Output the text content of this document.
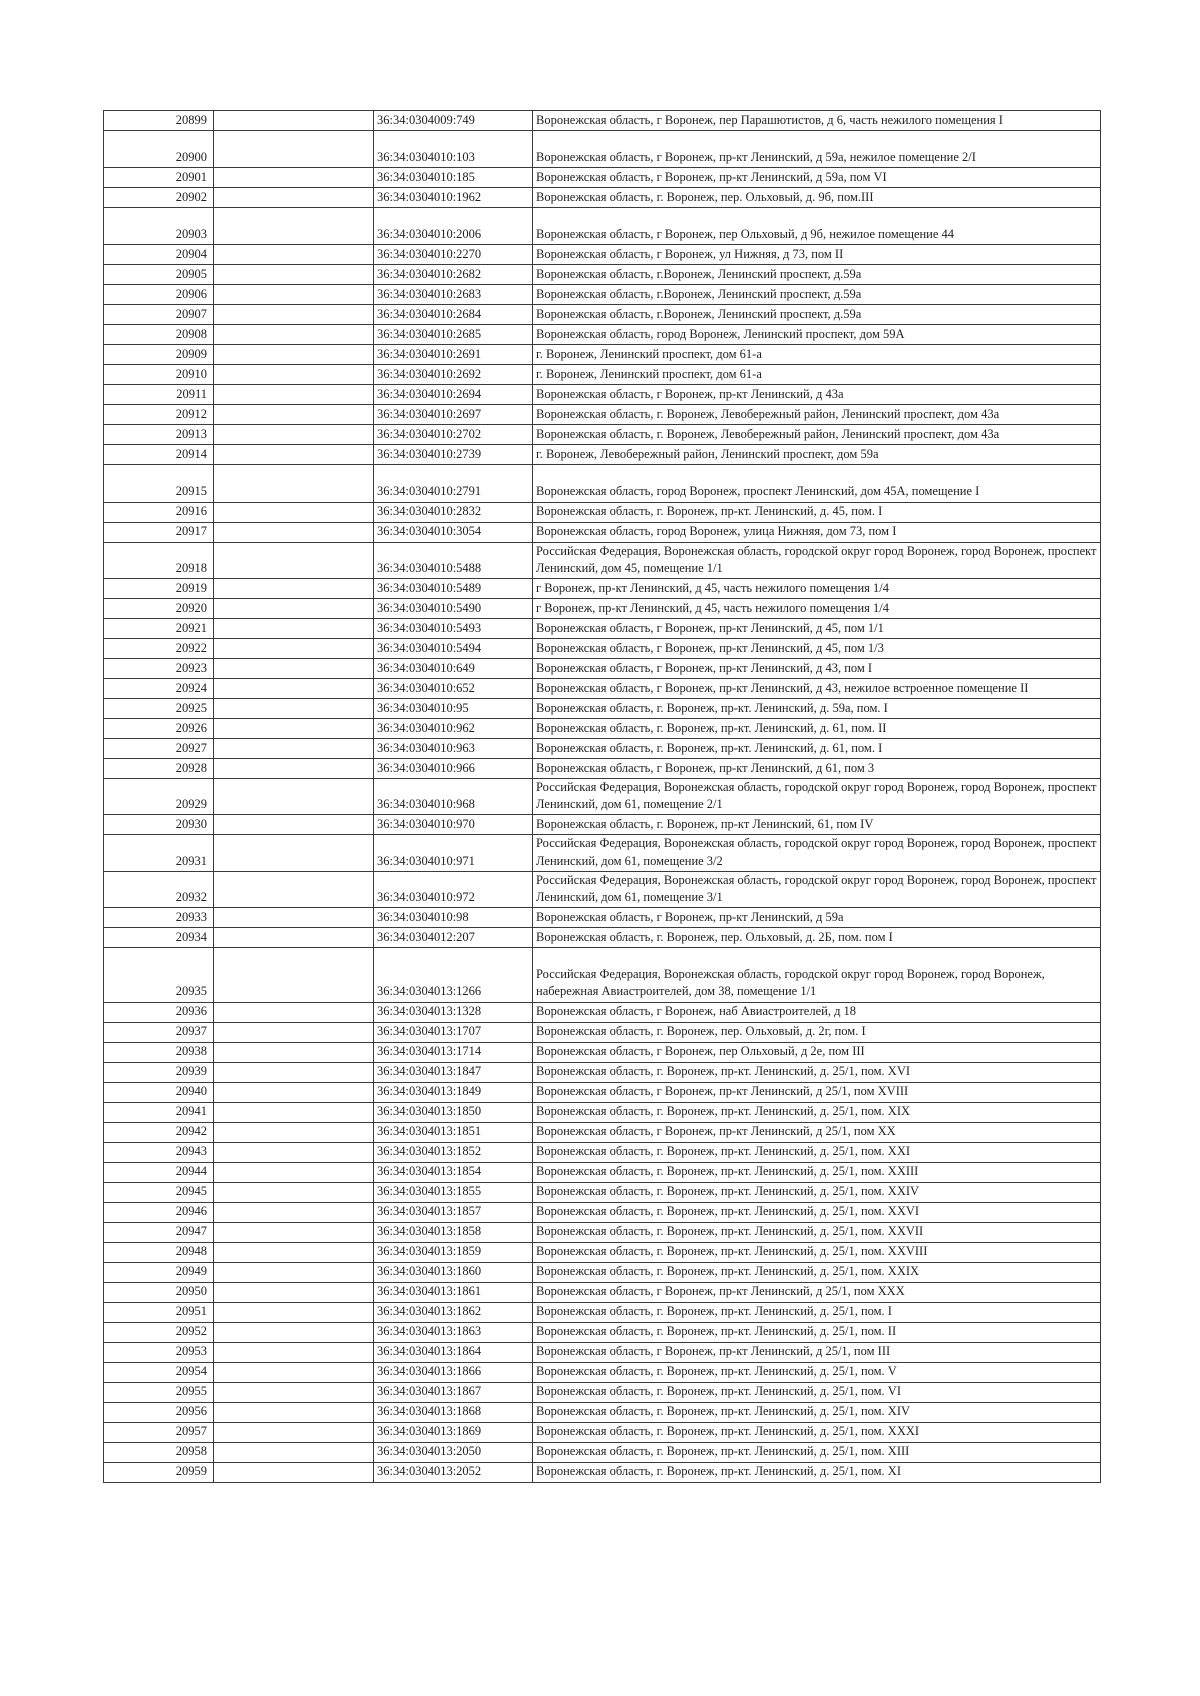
20899		36:34:0304009:749	Воронежская область, г Воронеж, пер Парашютистов, д 6, часть нежилого помещения I
20900		36:34:0304010:103	Воронежская область, г Воронеж, пр-кт Ленинский, д 59а, нежилое помещение 2/I
20901		36:34:0304010:185	Воронежская область, г Воронеж, пр-кт Ленинский, д 59а, пом VI
20902		36:34:0304010:1962	Воронежская область, г. Воронеж, пер. Ольховый, д. 9б, пом.III
20903		36:34:0304010:2006	Воронежская область, г Воронеж, пер Ольховый, д 9б, нежилое помещение 44
20904		36:34:0304010:2270	Воронежская область, г Воронеж, ул Нижняя, д 73, пом II
20905		36:34:0304010:2682	Воронежская область, г.Воронеж, Ленинский проспект, д.59а
20906		36:34:0304010:2683	Воронежская область, г.Воронеж, Ленинский проспект, д.59а
20907		36:34:0304010:2684	Воронежская область, г.Воронеж, Ленинский проспект, д.59а
20908		36:34:0304010:2685	Воронежская область, город Воронеж, Ленинский проспект, дом 59А
20909		36:34:0304010:2691	г. Воронеж, Ленинский проспект, дом 61-а
20910		36:34:0304010:2692	г. Воронеж, Ленинский проспект, дом 61-а
20911		36:34:0304010:2694	Воронежская область, г Воронеж, пр-кт Ленинский, д 43а
20912		36:34:0304010:2697	Воронежская область, г. Воронеж, Левобережный район, Ленинский проспект, дом 43а
20913		36:34:0304010:2702	Воронежская область, г. Воронеж, Левобережный район, Ленинский проспект, дом 43а
20914		36:34:0304010:2739	г. Воронеж, Левобережный район, Ленинский проспект, дом 59а
20915		36:34:0304010:2791	Воронежская область, город Воронеж, проспект Ленинский, дом 45А, помещение I
20916		36:34:0304010:2832	Воронежская область, г. Воронеж, пр-кт. Ленинский, д. 45, пом. I
20917		36:34:0304010:3054	Воронежская область, город Воронеж, улица Нижняя, дом 73, пом I
20918		36:34:0304010:5488	Российская Федерация, Воронежская область, городской округ город Воронеж, город Воронеж, проспект Ленинский, дом 45, помещение 1/1
20919		36:34:0304010:5489	г Воронеж, пр-кт Ленинский, д 45, часть нежилого помещения 1/4
20920		36:34:0304010:5490	г Воронеж, пр-кт Ленинский, д 45, часть нежилого помещения 1/4
20921		36:34:0304010:5493	Воронежская область, г Воронеж, пр-кт Ленинский, д 45, пом 1/1
20922		36:34:0304010:5494	Воронежская область, г Воронеж, пр-кт Ленинский, д 45, пом 1/3
20923		36:34:0304010:649	Воронежская область, г Воронеж, пр-кт Ленинский, д 43, пом I
20924		36:34:0304010:652	Воронежская область, г Воронеж, пр-кт Ленинский, д 43, нежилое встроенное помещение II
20925		36:34:0304010:95	Воронежская область, г. Воронеж, пр-кт. Ленинский, д. 59а, пом. I
20926		36:34:0304010:962	Воронежская область, г. Воронеж, пр-кт. Ленинский, д. 61, пом. II
20927		36:34:0304010:963	Воронежская область, г. Воронеж, пр-кт. Ленинский, д. 61, пом. I
20928		36:34:0304010:966	Воронежская область, г Воронеж, пр-кт Ленинский, д 61, пом 3
20929		36:34:0304010:968	Российская Федерация, Воронежская область, городской округ город Воронеж, город Воронеж, проспект Ленинский, дом 61, помещение 2/1
20930		36:34:0304010:970	Воронежская область, г. Воронеж, пр-кт Ленинский, 61, пом IV
20931		36:34:0304010:971	Российская Федерация, Воронежская область, городской округ город Воронеж, город Воронеж, проспект Ленинский, дом 61, помещение 3/2
20932		36:34:0304010:972	Российская Федерация, Воронежская область, городской округ город Воронеж, город Воронеж, проспект Ленинский, дом 61, помещение 3/1
20933		36:34:0304010:98	Воронежская область, г Воронеж, пр-кт Ленинский, д 59а
20934		36:34:0304012:207	Воронежская область, г. Воронеж, пер. Ольховый, д. 2Б, пом. пом I
20935		36:34:0304013:1266	Российская Федерация, Воронежская область, городской округ город Воронеж, город Воронеж, набережная Авиастроителей, дом 38, помещение 1/1
20936		36:34:0304013:1328	Воронежская область, г Воронеж, наб Авиастроителей, д 18
20937		36:34:0304013:1707	Воронежская область, г. Воронеж, пер. Ольховый, д. 2г, пом. I
20938		36:34:0304013:1714	Воронежская область, г Воронеж, пер Ольховый, д 2е, пом III
20939		36:34:0304013:1847	Воронежская область, г. Воронеж, пр-кт. Ленинский, д. 25/1, пом. XVI
20940		36:34:0304013:1849	Воронежская область, г Воронеж, пр-кт Ленинский, д 25/1, пом XVIII
20941		36:34:0304013:1850	Воронежская область, г. Воронеж, пр-кт. Ленинский, д. 25/1, пом. XIX
20942		36:34:0304013:1851	Воронежская область, г Воронеж, пр-кт Ленинский, д 25/1, пом XX
20943		36:34:0304013:1852	Воронежская область, г. Воронеж, пр-кт. Ленинский, д. 25/1, пом. XXI
20944		36:34:0304013:1854	Воронежская область, г. Воронеж, пр-кт. Ленинский, д. 25/1, пом. XXIII
20945		36:34:0304013:1855	Воронежская область, г. Воронеж, пр-кт. Ленинский, д. 25/1, пом. XXIV
20946		36:34:0304013:1857	Воронежская область, г. Воронеж, пр-кт. Ленинский, д. 25/1, пом. XXVI
20947		36:34:0304013:1858	Воронежская область, г. Воронеж, пр-кт. Ленинский, д. 25/1, пом. XXVII
20948		36:34:0304013:1859	Воронежская область, г. Воронеж, пр-кт. Ленинский, д. 25/1, пом. XXVIII
20949		36:34:0304013:1860	Воронежская область, г. Воронеж, пр-кт. Ленинский, д. 25/1, пом. XXIX
20950		36:34:0304013:1861	Воронежская область, г Воронеж, пр-кт Ленинский, д 25/1, пом XXX
20951		36:34:0304013:1862	Воронежская область, г. Воронеж, пр-кт. Ленинский, д. 25/1, пом. I
20952		36:34:0304013:1863	Воронежская область, г. Воронеж, пр-кт. Ленинский, д. 25/1, пом. II
20953		36:34:0304013:1864	Воронежская область, г Воронеж, пр-кт Ленинский, д 25/1, пом III
20954		36:34:0304013:1866	Воронежская область, г. Воронеж, пр-кт. Ленинский, д. 25/1, пом. V
20955		36:34:0304013:1867	Воронежская область, г. Воронеж, пр-кт. Ленинский, д. 25/1, пом. VI
20956		36:34:0304013:1868	Воронежская область, г. Воронеж, пр-кт. Ленинский, д. 25/1, пом. XIV
20957		36:34:0304013:1869	Воронежская область, г. Воронеж, пр-кт. Ленинский, д. 25/1, пом. XXXI
20958		36:34:0304013:2050	Воронежская область, г. Воронеж, пр-кт. Ленинский, д. 25/1, пом. XIII
20959		36:34:0304013:2052	Воронежская область, г. Воронеж, пр-кт. Ленинский, д. 25/1, пом. XI
